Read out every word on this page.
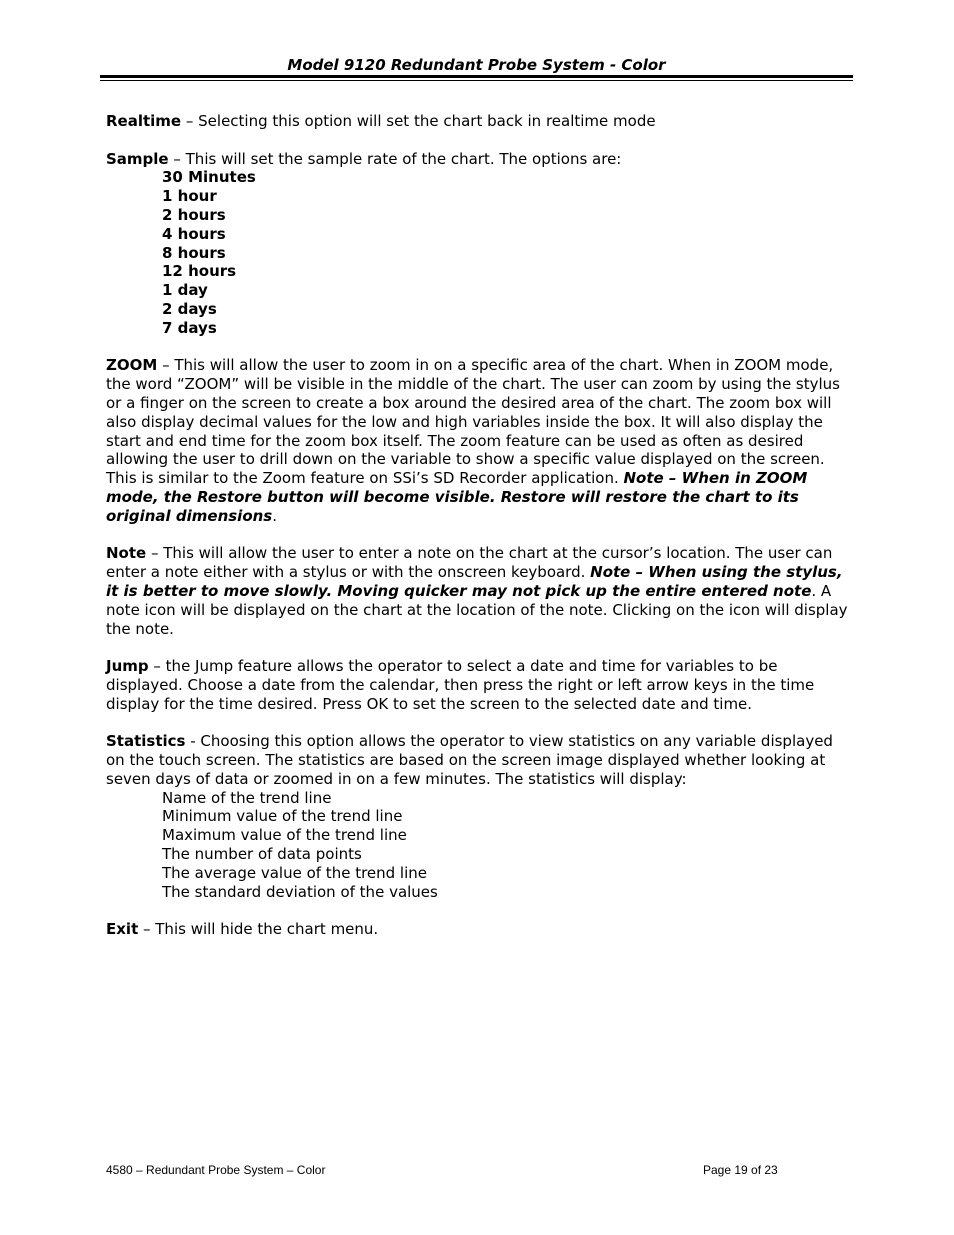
Model 9120 Redundant Probe System - Color

Realtime – Selecting this option will set the chart back in realtime mode

Sample – This will set the sample rate of the chart. The options are:
30 Minutes
1 hour
2 hours
4 hours
8 hours
12 hours
1 day
2 days
7 days

ZOOM – This will allow the user to zoom in on a specific area of the chart. When in ZOOM mode, the word “ZOOM” will be visible in the middle of the chart. The user can zoom by using the stylus or a finger on the screen to create a box around the desired area of the chart. The zoom box will also display decimal values for the low and high variables inside the box. It will also display the start and end time for the zoom box itself. The zoom feature can be used as often as desired allowing the user to drill down on the variable to show a specific value displayed on the screen. This is similar to the Zoom feature on SSi’s SD Recorder application. Note – When in ZOOM mode, the Restore button will become visible. Restore will restore the chart to its original dimensions.

Note – This will allow the user to enter a note on the chart at the cursor’s location. The user can enter a note either with a stylus or with the onscreen keyboard. Note – When using the stylus, it is better to move slowly. Moving quicker may not pick up the entire entered note. A note icon will be displayed on the chart at the location of the note. Clicking on the icon will display the note.

Jump – the Jump feature allows the operator to select a date and time for variables to be displayed. Choose a date from the calendar, then press the right or left arrow keys in the time display for the time desired. Press OK to set the screen to the selected date and time.

Statistics - Choosing this option allows the operator to view statistics on any variable displayed on the touch screen. The statistics are based on the screen image displayed whether looking at seven days of data or zoomed in on a few minutes. The statistics will display:
Name of the trend line
Minimum value of the trend line
Maximum value of the trend line
The number of data points
The average value of the trend line
The standard deviation of the values

Exit – This will hide the chart menu.

4580 – Redundant Probe System – Color	Page 19 of 23
